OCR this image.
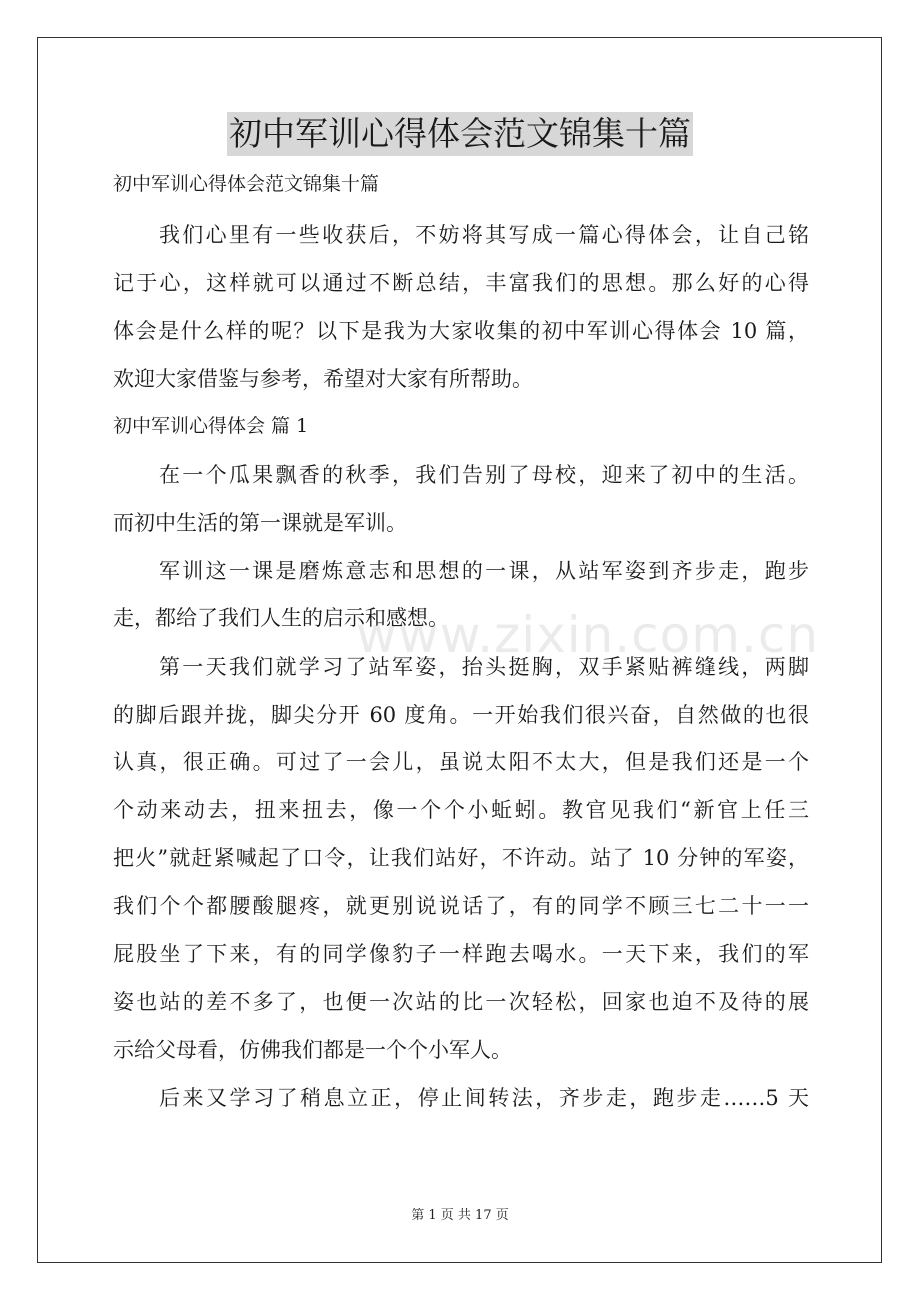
初中军训心得体会范文锦集十篇
初中军训心得体会范文锦集十篇
我们心里有一些收获后，不妨将其写成一篇心得体会，让自己铭
记于心，这样就可以通过不断总结，丰富我们的思想。那么好的心得
体会是什么样的呢？以下是我为大家收集的初中军训心得体会 10 篇，
欢迎大家借鉴与参考，希望对大家有所帮助。
初中军训心得体会 篇 1
在一个瓜果飘香的秋季，我们告别了母校，迎来了初中的生活。
而初中生活的第一课就是军训。
军训这一课是磨炼意志和思想的一课，从站军姿到齐步走，跑步
走，都给了我们人生的启示和感想。
第一天我们就学习了站军姿，抬头挺胸，双手紧贴裤缝线，两脚
的脚后跟并拢，脚尖分开 60 度角。一开始我们很兴奋，自然做的也很
认真，很正确。可过了一会儿，虽说太阳不太大，但是我们还是一个
个动来动去，扭来扭去，像一个个小蚯蚓。教官见我们“新官上任三
把火”就赶紧喊起了口令，让我们站好，不许动。站了 10 分钟的军姿，
我们个个都腰酸腿疼，就更别说说话了，有的同学不顾三七二十一一
屁股坐了下来，有的同学像豹子一样跑去喝水。一天下来，我们的军
姿也站的差不多了，也便一次站的比一次轻松，回家也迫不及待的展
示给父母看，仿佛我们都是一个个小军人。
后来又学习了稍息立正，停止间转法，齐步走，跑步走……5 天
www.zixin.com.cn
第 1 页 共 17 页
